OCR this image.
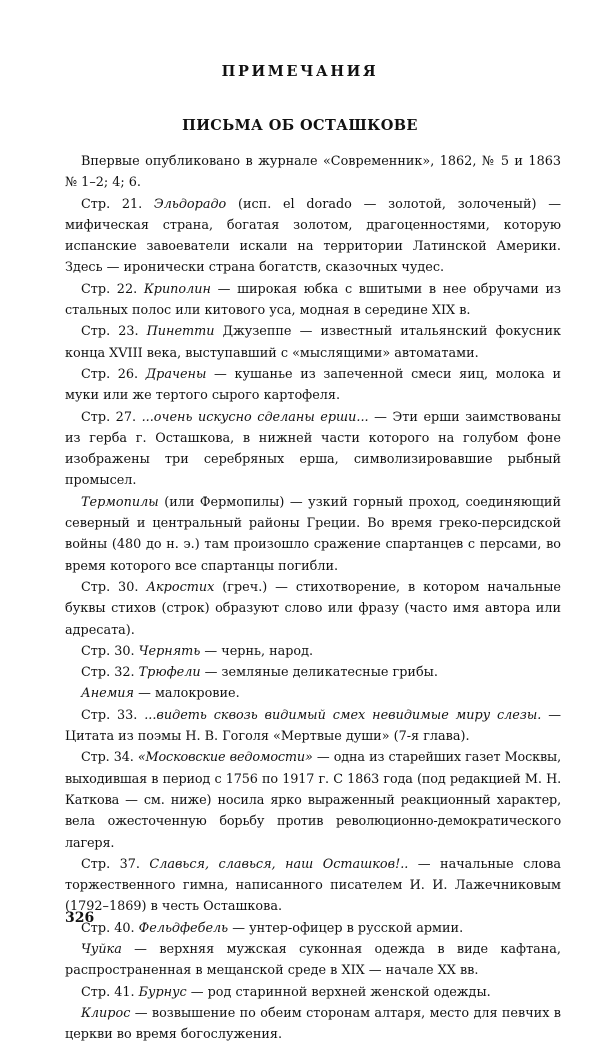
ПРИМЕЧАНИЯ
ПИСЬМА ОБ ОСТАШКОВЕ

Впервые опубликовано в журнале «Современник», 1862, № 5 и 1863 № 1–2; 4; 6.

Стр. 21. Эльдорадо (исп. el dorado — золотой, золоченый) — мифическая страна, богатая золотом, драгоценностями, которую испанские завоеватели искали на территории Латинской Америки. Здесь — иронически страна богатств, сказочных чудес.

Стр. 22. Криполин — широкая юбка с вшитыми в нее обручами из стальных полос или китового уса, модная в середине XIX в.

Стр. 23. Пинетти Джузеппе — известный итальянский фокусник конца XVIII века, выступавший с «мыслящими» автоматами.

Стр. 26. Драчены — кушанье из запеченной смеси яиц, молока и муки или же тертого сырого картофеля.

Стр. 27. ...очень искусно сделаны ерши... — Эти ерши заимствованы из герба г. Осташкова, в нижней части которого на голубом фоне изображены три серебряных ерша, символизировавшие рыбный промысел.

Термопилы (или Фермопилы) — узкий горный проход, соединяющий северный и центральный районы Греции. Во время греко-персидской войны (480 до н. э.) там произошло сражение спартанцев с персами, во время которого все спартанцы погибли.

Стр. 30. Акростих (греч.) — стихотворение, в котором начальные буквы стихов (строк) образуют слово или фразу (часто имя автора или адресата).

Стр. 30. Чернять — чернь, народ.

Стр. 32. Трюфели — земляные деликатесные грибы.

Анемия — малокровие.

Стр. 33. ...видеть сквозь видимый смех невидимые миру слезы. — Цитата из поэмы Н. В. Гоголя «Мертвые души» (7-я глава).

Стр. 34. «Московские ведомости» — одна из старейших газет Москвы, выходившая в период с 1756 по 1917 г. С 1863 года (под редакцией М. Н. Каткова — см. ниже) носила ярко выраженный реакционный характер, вела ожесточенную борьбу против революционно-демократического лагеря.

Стр. 37. Славься, славься, наш Осташков!.. — начальные слова торжественного гимна, написанного писателем И. И. Лажечниковым (1792–1869) в честь Осташкова.

Стр. 40. Фельдфебель — унтер-офицер в русской армии.

Чуйка — верхняя мужская суконная одежда в виде кафтана, распространенная в мещанской среде в XIX — начале XX вв.

Стр. 41. Бурнус — род старинной верхней женской одежды.

Клирос — возвышение по обеим сторонам алтаря, место для певчих в церкви во время богослужения.

326
